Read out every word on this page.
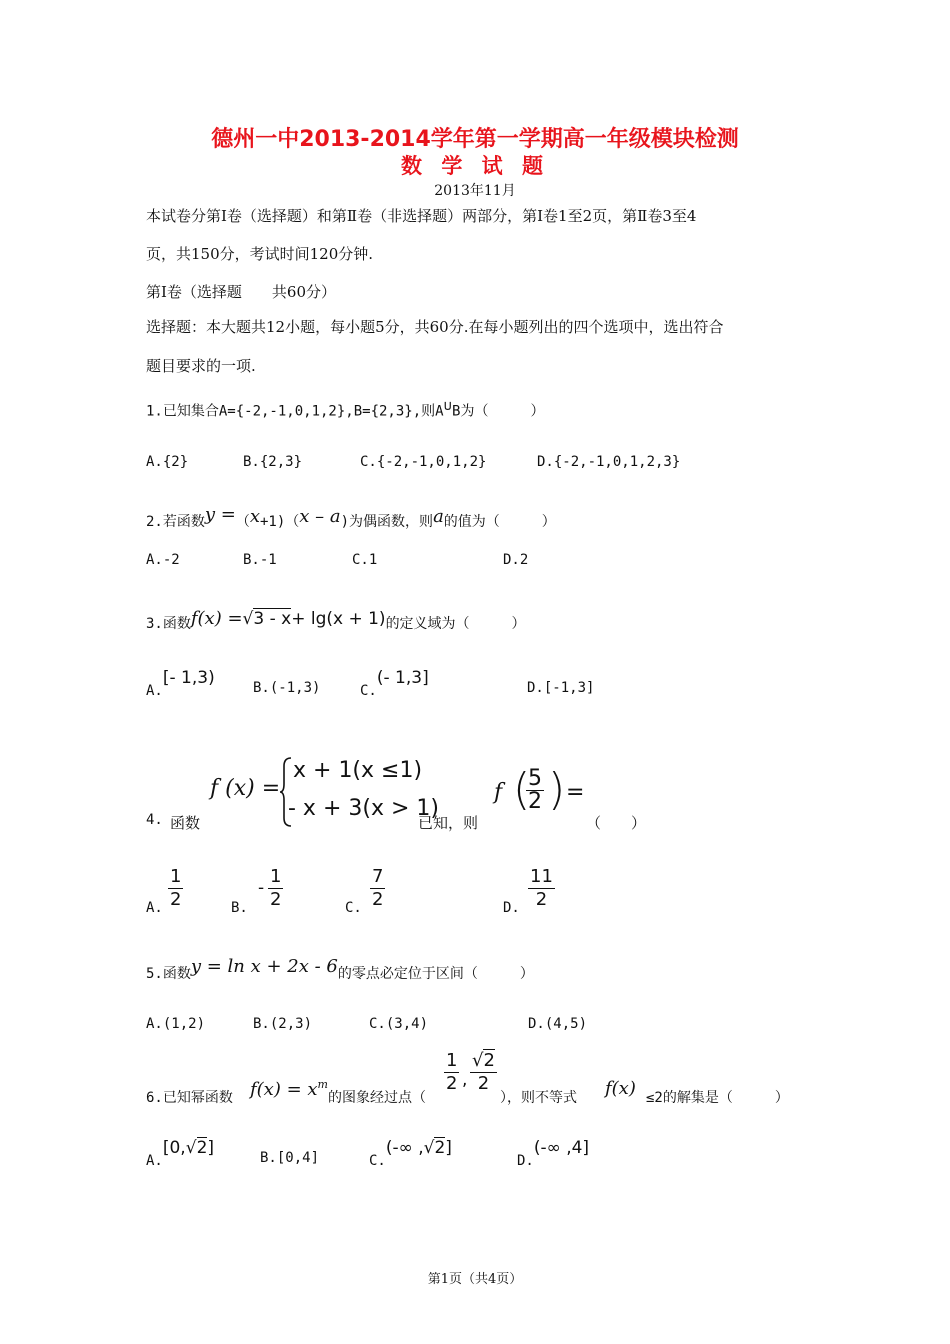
德州一中2013-2014学年第一学期高一年级模块检测
数 学 试 题
2013年11月
本试卷分第Ⅰ卷（选择题）和第Ⅱ卷（非选择题）两部分，第Ⅰ卷1至2页，第Ⅱ卷3至4
页，共150分，考试时间120分钟.
第Ⅰ卷（选择题　　共60分）
选择题：本大题共12小题，每小题5分，共60分.在每小题列出的四个选项中，选出符合
题目要求的一项.
1.已知集合A={-2,-1,0,1,2},B={2,3},则A∪B为（　　　）
A.{2}	B.{2,3}	C.{-2,-1,0,1,2}	D.{-2,-1,0,1,2,3}
2.若函数y =（x+1)（x – a)为偶函数，则a的值为（　　　）
A.-2	B.-1	C.1	D.2
3.函数f(x) =√3 - x+ lg(x + 1)的定义域为（　　　）
A.[- 1,3)	B.(-1,3)	C.(- 1,3]	D.[-1,3]
4. 函数
f (x) =
x + 1(x ≤1)
- x + 3(x > 1)
已知，则
f (
$\frac{5}{2}$ ) =
（　　）
A. $\frac{1}{2}$	B.
- $\frac{1}{2}$	C. $\frac{7}{2}$	D. $\frac{11}{2}$
5.函数y = ln x + 2x - 6的零点必定位于区间（　　　）
A.(1,2)	B.(2,3)	C.(3,4)	D.(4,5)
6.已知幂函数 $f(x) = x^m$
的图象经过点（
$\frac{1}{2}$ , $\frac{√2}{2}$
），则不等式 f(x) ≤2的解集是（　　　）
A.[0,√2]	B.[0,4]	C.(-∞ ,√2]
D.(-∞ ,4]
第1页（共4页）
